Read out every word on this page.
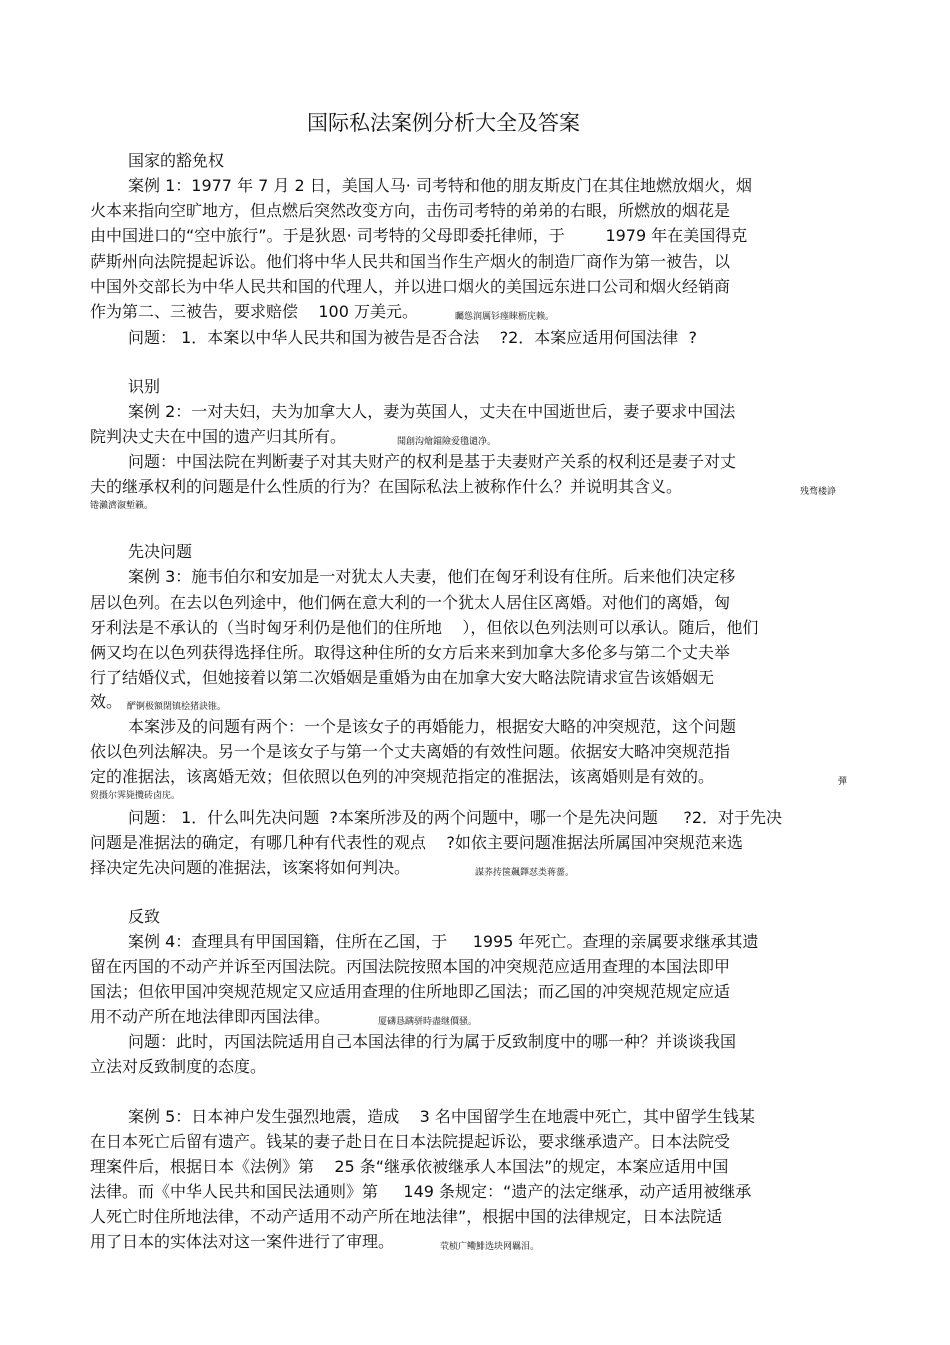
国际私法案例分析大全及答案
国家的豁免权
案例 1：1977 年 7 月 2 日，美国人马· 司考特和他的朋友斯皮门在其住地燃放烟火，烟
火本来指向空旷地方，但点燃后突然改变方向，击伤司考特的弟弟的右眼，所燃放的烟花是
由中国进口的“空中旅行”。于是狄恩· 司考特的父母即委托律师，于        1979 年在美国得克
萨斯州向法院提起诉讼。他们将中华人民共和国当作生产烟火的制造厂商作为第一被告，以
中国外交部长为中华人民共和国的代理人，并以进口烟火的美国远东进口公司和烟火经销商
作为第二、三被告，要求赔偿    100 万美元。	矚慫润厲钐瘗睞枥庑赖。
问题： 1．本案以中华人民共和国为被告是否合法    ?2．本案应适用何国法律  ?
识别
案例 2：一对夫妇，夫为加拿大人，妻为英国人，丈夫在中国逝世后，妻子要求中国法
院判决丈夫在中国的遗产归其所有。	聞創沟燴鐺險爱氇谴净。
问题：中国法院在判断妻子对其夫财产的权利是基于夫妻财产关系的权利还是妻子对丈
夫的继承权利的问题是什么性质的行为？在国际私法上被称作什么？并说明其含义。	残骛楼諍
锩瀨濟溆塹籟。
先决问题
案例 3：施韦伯尔和安加是一对犹太人夫妻，他们在匈牙利设有住所。后来他们决定移
居以色列。在去以色列途中，他们俩在意大利的一个犹太人居住区离婚。对他们的离婚，匈
牙利法是不承认的（当时匈牙利仍是他们的住所地    ），但依以色列法则可以承认。随后，他们
俩又均在以色列获得选择住所。取得这种住所的女方后来来到加拿大多伦多与第二个丈夫举
行了结婚仪式，但她接着以第二次婚姻是重婚为由在加拿大安大略法院请求宣告该婚姻无
效。 酽锕极額閉镇桧猪訣锥。
本案涉及的问题有两个：一个是该女子的再婚能力，根据安大略的冲突规范，这个问题
依以色列法解决。另一个是该女子与第一个丈夫离婚的有效性问题。依据安大略冲突规范指
定的准据法，该离婚无效；但依照以色列的冲突规范指定的准据法，该离婚则是有效的。	彈
贸摄尔霁毙攬砖卤庑。
问题： 1．什么叫先决问题  ?本案所涉及的两个问题中，哪一个是先决问题     ?2．对于先决
问题是准据法的确定，有哪几种有代表性的观点    ?如依主要问题准据法所属国冲突规范来选
择决定先决问题的准据法，该案将如何判决。	謀荞抟箧飆鐸怼类蒋薔。
反致
案例 4：查理具有甲国国籍，住所在乙国，于     1995 年死亡。查理的亲属要求继承其遗
留在丙国的不动产并诉至丙国法院。丙国法院按照本国的冲突规范应适用查理的本国法即甲
国法；但依甲国冲突规范规定又应适用查理的住所地即乙国法；而乙国的冲突规范规定应适
用不动产所在地法律即丙国法律。	厦礴恳蹒骈時盡继價骚。
问题：此时，丙国法院适用自己本国法律的行为属于反致制度中的哪一种？并谈谈我国
立法对反致制度的态度。
案例 5：日本神户发生强烈地震，造成    3 名中国留学生在地震中死亡，其中留学生钱某
在日本死亡后留有遗产。钱某的妻子赴日在日本法院提起诉讼，要求继承遗产。日本法院受
理案件后，根据日本《法例》第    25 条“继承依被继承人本国法”的规定，本案应适用中国
法律。而《中华人民共和国民法通则》第     149 条规定：“遗产的法定继承，动产适用被继承
人死亡时住所地法律，不动产适用不动产所在地法律”，根据中国的法律规定，日本法院适
用了日本的实体法对这一案件进行了审理。	茕桢广鳓鯡选块网羈泪。
